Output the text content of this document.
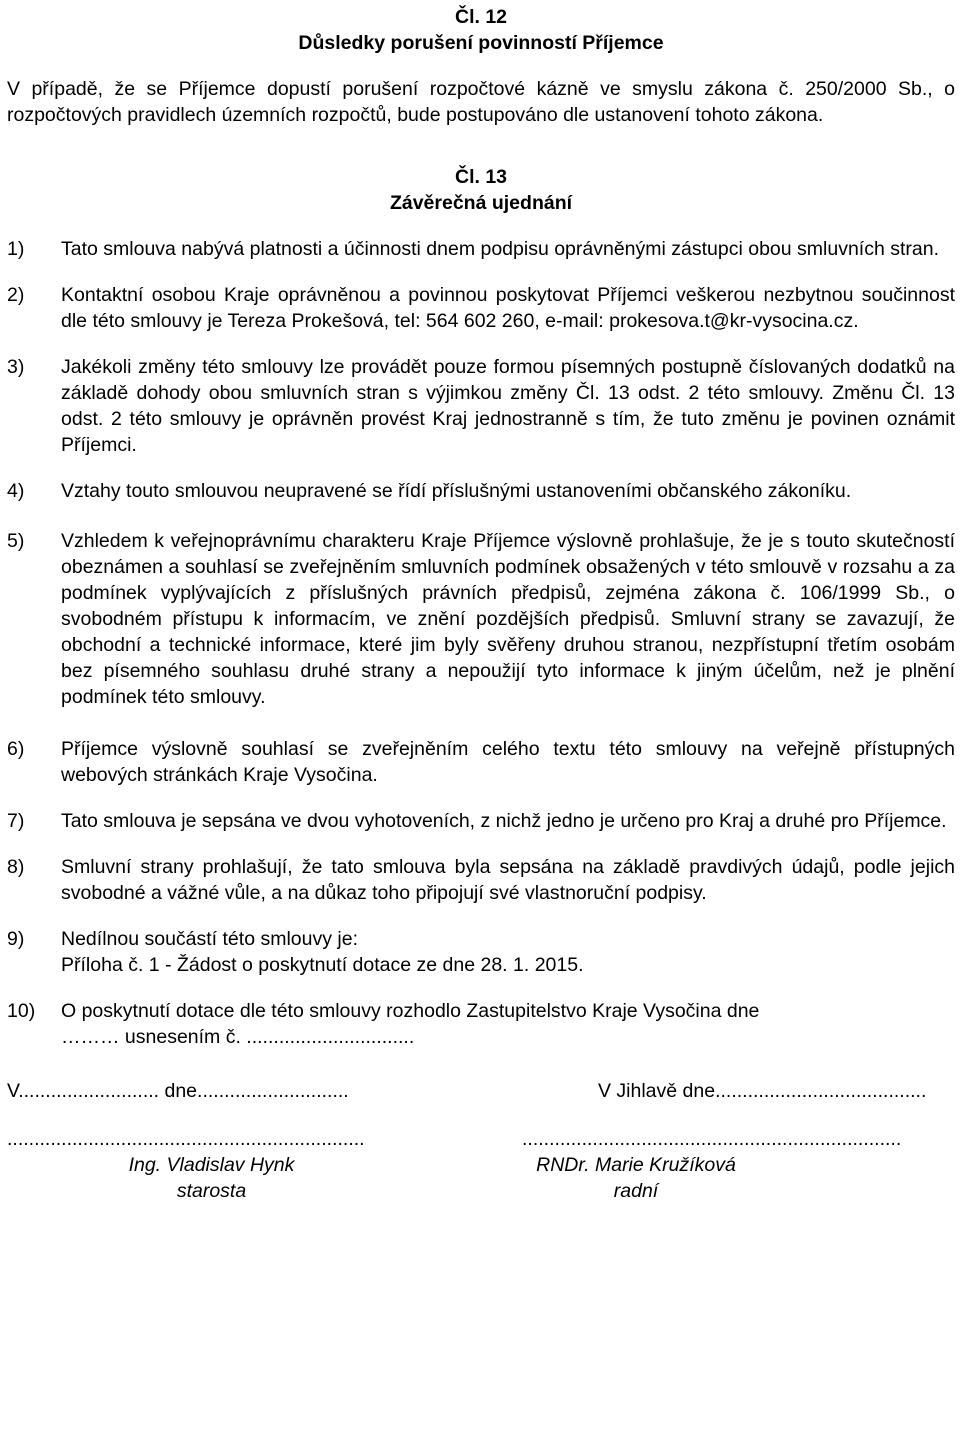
Čl. 12

Důsledky porušení povinností Příjemce

V případě, že se Příjemce dopustí porušení rozpočtové kázně ve smyslu zákona č. 250/2000 Sb., o rozpočtových pravidlech územních rozpočtů, bude postupováno dle ustanovení tohoto zákona.

Čl. 13

Závěrečná ujednání

1)	Tato smlouva nabývá platnosti a účinnosti dnem podpisu oprávněnými zástupci obou smluvních stran.
2)	Kontaktní osobou Kraje oprávněnou a povinnou poskytovat Příjemci veškerou nezbytnou součinnost dle této smlouvy je Tereza Prokešová, tel: 564 602 260, e-mail: prokesova.t@kr-vysocina.cz.
3)	Jakékoli změny této smlouvy lze provádět pouze formou písemných postupně číslovaných dodatků na základě dohody obou smluvních stran s výjimkou změny Čl. 13 odst. 2 této smlouvy. Změnu Čl. 13 odst. 2 této smlouvy je oprávněn provést Kraj jednostranně s tím, že tuto změnu je povinen oznámit Příjemci.
4)	Vztahy touto smlouvou neupravené se řídí příslušnými ustanoveními občanského zákoníku.
5)	Vzhledem k veřejnoprávnímu charakteru Kraje Příjemce výslovně prohlašuje, že je s touto skutečností obeznámen a souhlasí se zveřejněním smluvních podmínek obsažených v této smlouvě v rozsahu a za podmínek vyplývajících z příslušných právních předpisů, zejména zákona č. 106/1999 Sb., o svobodném přístupu k informacím, ve znění pozdějších předpisů. Smluvní strany se zavazují, že obchodní a technické informace, které jim byly svěřeny druhou stranou, nezpřístupní třetím osobám bez písemného souhlasu druhé strany a nepoužijí tyto informace k jiným účelům, než je plnění podmínek této smlouvy.
6)	Příjemce výslovně souhlasí se zveřejněním celého textu této smlouvy na veřejně přístupných webových stránkách Kraje Vysočina.
7)	Tato smlouva je sepsána ve dvou vyhotoveních, z nichž jedno je určeno pro Kraj a druhé pro Příjemce.
8)	Smluvní strany prohlašují, že tato smlouva byla sepsána na základě pravdivých údajů, podle jejich svobodné a vážné vůle, a na důkaz toho připojují své vlastnoruční podpisy.
9)	Nedílnou součástí této smlouvy je:
Příloha č. 1 - Žádost o poskytnutí dotace ze dne 28. 1. 2015.
10)	O poskytnutí dotace dle této smlouvy rozhodlo Zastupitelstvo Kraje Vysočina dne
……… usnesením č. ...............................
V.......................... dne............................	V Jihlavě dne.......................................
..................................................................	......................................................................
Ing. Vladislav Hynk	RNDr. Marie Kružíková
starosta	radní
